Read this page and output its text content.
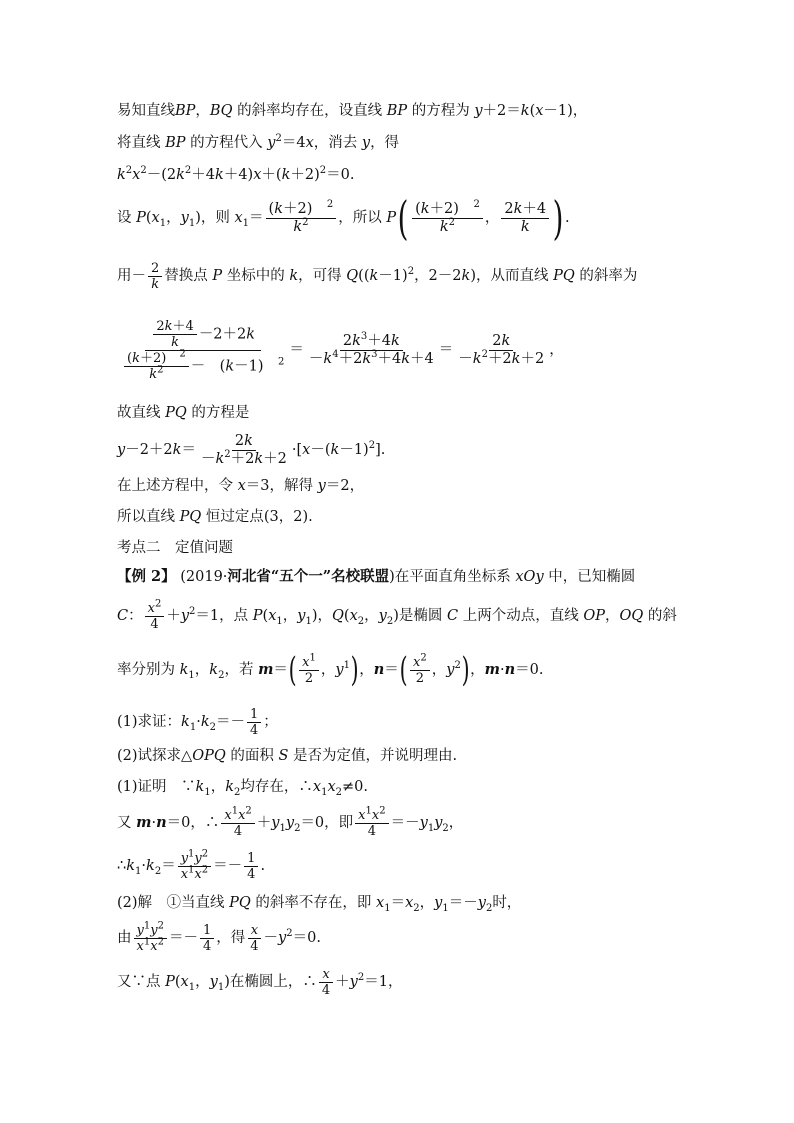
易知直线BP，BQ 的斜率均存在，设直线 BP 的方程为 y＋2＝k(x－1)，
将直线 BP 的方程代入 $y^2=4x$，消去 y，得
$k^2x^2-(2k^2+4k+4)x+(k+2)^2=0$.
设 $P(x_1$，$y_1$)，则 $x_1= \frac{(k+2) ^2}{k^2}$ ，所以 $P( \frac{(k+2) ^2}{k^2}$ ， $\frac{2k+4}{k}$ ) .
用－ $\frac{2}{k}$ 替换点 P 坐标中的 k，可得 $Q((k-1)^2$，2－2k)，从而直线 PQ 的斜率为
$\frac{\frac{2k+4}{k} -2+2k}{\frac{(k+2) ^2}{k^2} - (k-1) ^2} = \frac{2k^3+4k}{-k^4+2k^3+4k+4} = \frac{2k}{-k^2+2k+2}$ ，
故直线 PQ 的方程是
$y-2+2k= \frac{2k}{-k^2+2k+2} \cdot[x-(k-1)^2]$.
在上述方程中，令 x＝3，解得 y＝2，
所以直线 PQ 恒过定点(3，2).
考点二　定值问题
【例 2】 (2019·河北省“五个一”名校联盟)在平面直角坐标系 xOy 中，已知椭圆
C： $\frac{x^2}{4} +y^2=1$，点 $P(x_1$，$y_1$)，$Q(x_2$，$y_2$)是椭圆 C 上两个动点，直线 OP，OQ 的斜
率分别为 $k_1$，$k_2$，若 $m=( \frac{x^1}{2}$ ，$y^1$)，$n=( \frac{x^2}{2}$ ，$y^2$)，m·n＝0.
(1)求证：$k_1\cdot k_2=- \frac{1}{4}$ ；
(2)试探求△OPQ 的面积 S 是否为定值，并说明理由.
(1)证明　$\because k_1$，$k_2$均存在，$\therefore x_1x_2\ne 0$.
又 m·n＝0，∴ $\frac{x^1x^2}{4} +y_1y_2=0$，即 $\frac{x^1x^2}{4} =-y_1y_2$，
$\therefore k_1\cdot k_2= \frac{y^1y^2}{x^1x^2} =- \frac{1}{4}$ .
(2)解　①当直线 PQ 的斜率不存在，即 $x_1=x_2$，$y_1=-y_2$时，
由 $\frac{y^1y^2}{x^1x^2} =- \frac{1}{4}$ ，得 $\frac{x}{4} -y^2=0$.
又∵点 $P(x_1$，$y_1$)在椭圆上，∴ $\frac{x}{4} +y^2=1$，
